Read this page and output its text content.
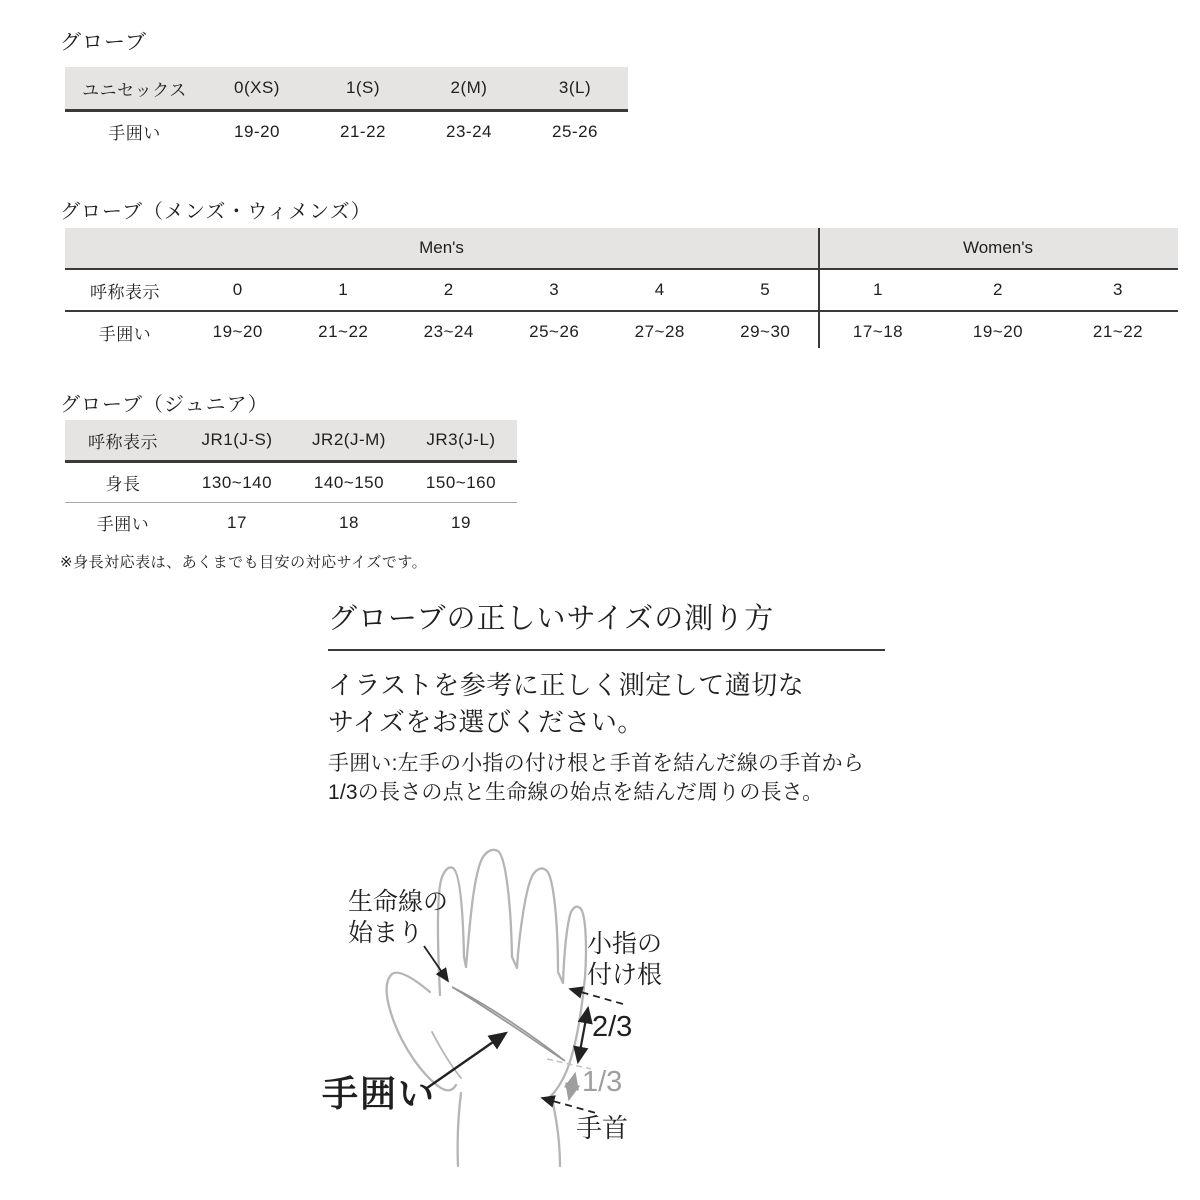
グローブ
ユニセックス	0(XS)	1(S)	2(M)	3(L)
手囲い	19-20	21-22	23-24	25-26
グローブ（メンズ・ウィメンズ）
Men's	Women's
呼称表示	0	1	2	3	4	5	1	2	3
手囲い	19~20	21~22	23~24	25~26	27~28	29~30	17~18	19~20	21~22
グローブ（ジュニア）
呼称表示	JR1(J-S)	JR2(J-M)	JR3(J-L)
身長	130~140	140~150	150~160
手囲い	17	18	19
※身長対応表は、あくまでも目安の対応サイズです。
グローブの正しいサイズの測り方
イラストを参考に正しく測定して適切な
サイズをお選びください。
手囲い:左手の小指の付け根と手首を結んだ線の手首から
1/3の長さの点と生命線の始点を結んだ周りの長さ。
生命線の
始まり	小指の
付け根
2/3
1/3
手囲い
手首
